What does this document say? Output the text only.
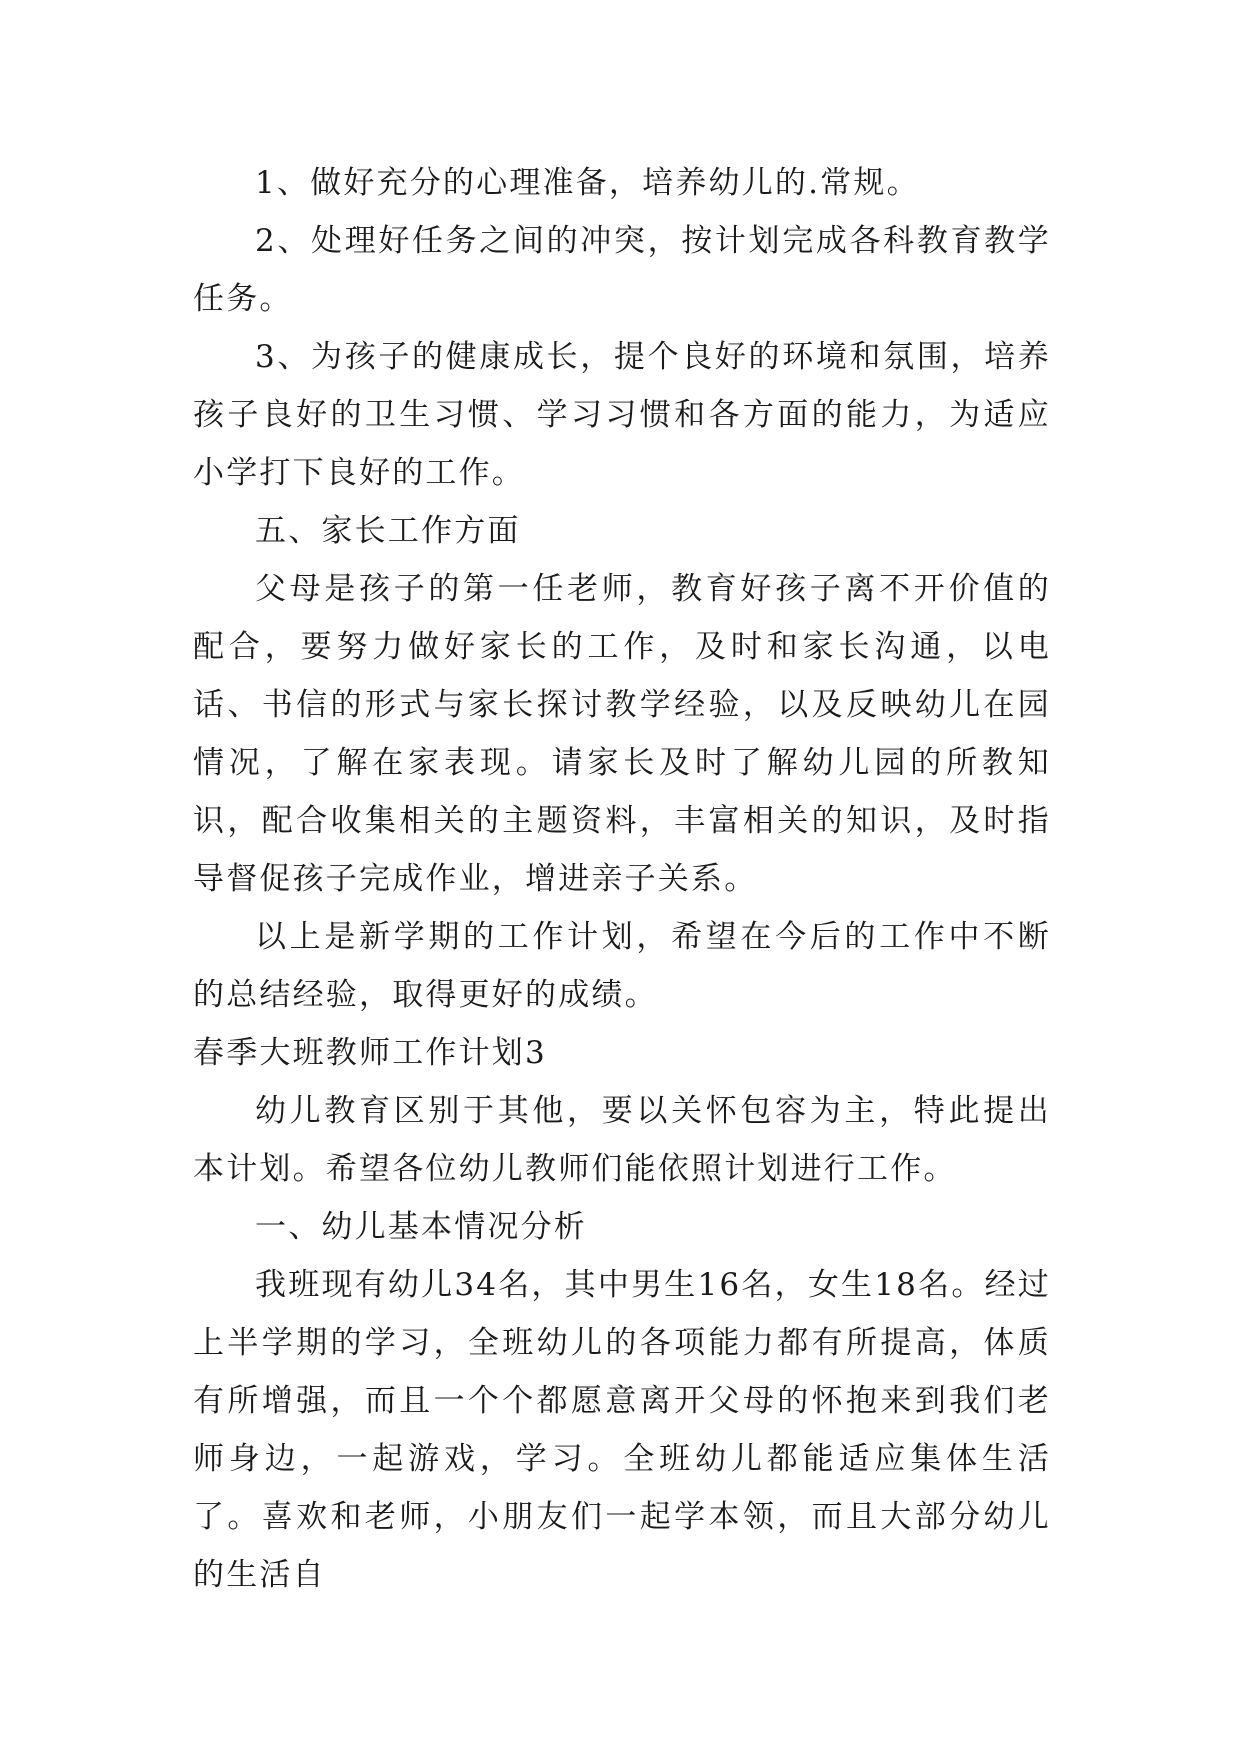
1、做好充分的心理准备，培养幼儿的.常规。

2、处理好任务之间的冲突，按计划完成各科教育教学任务。

3、为孩子的健康成长，提个良好的环境和氛围，培养孩子良好的卫生习惯、学习习惯和各方面的能力，为适应小学打下良好的工作。

五、家长工作方面

父母是孩子的第一任老师，教育好孩子离不开价值的配合，要努力做好家长的工作，及时和家长沟通，以电话、书信的形式与家长探讨教学经验，以及反映幼儿在园情况，了解在家表现。请家长及时了解幼儿园的所教知识，配合收集相关的主题资料，丰富相关的知识，及时指导督促孩子完成作业，增进亲子关系。

以上是新学期的工作计划，希望在今后的工作中不断的总结经验，取得更好的成绩。

春季大班教师工作计划3

幼儿教育区别于其他，要以关怀包容为主，特此提出本计划。希望各位幼儿教师们能依照计划进行工作。

一、幼儿基本情况分析

我班现有幼儿34名，其中男生16名，女生18名。经过上半学期的学习，全班幼儿的各项能力都有所提高，体质有所增强，而且一个个都愿意离开父母的怀抱来到我们老师身边，一起游戏，学习。全班幼儿都能适应集体生活了。喜欢和老师，小朋友们一起学本领，而且大部分幼儿的生活自
